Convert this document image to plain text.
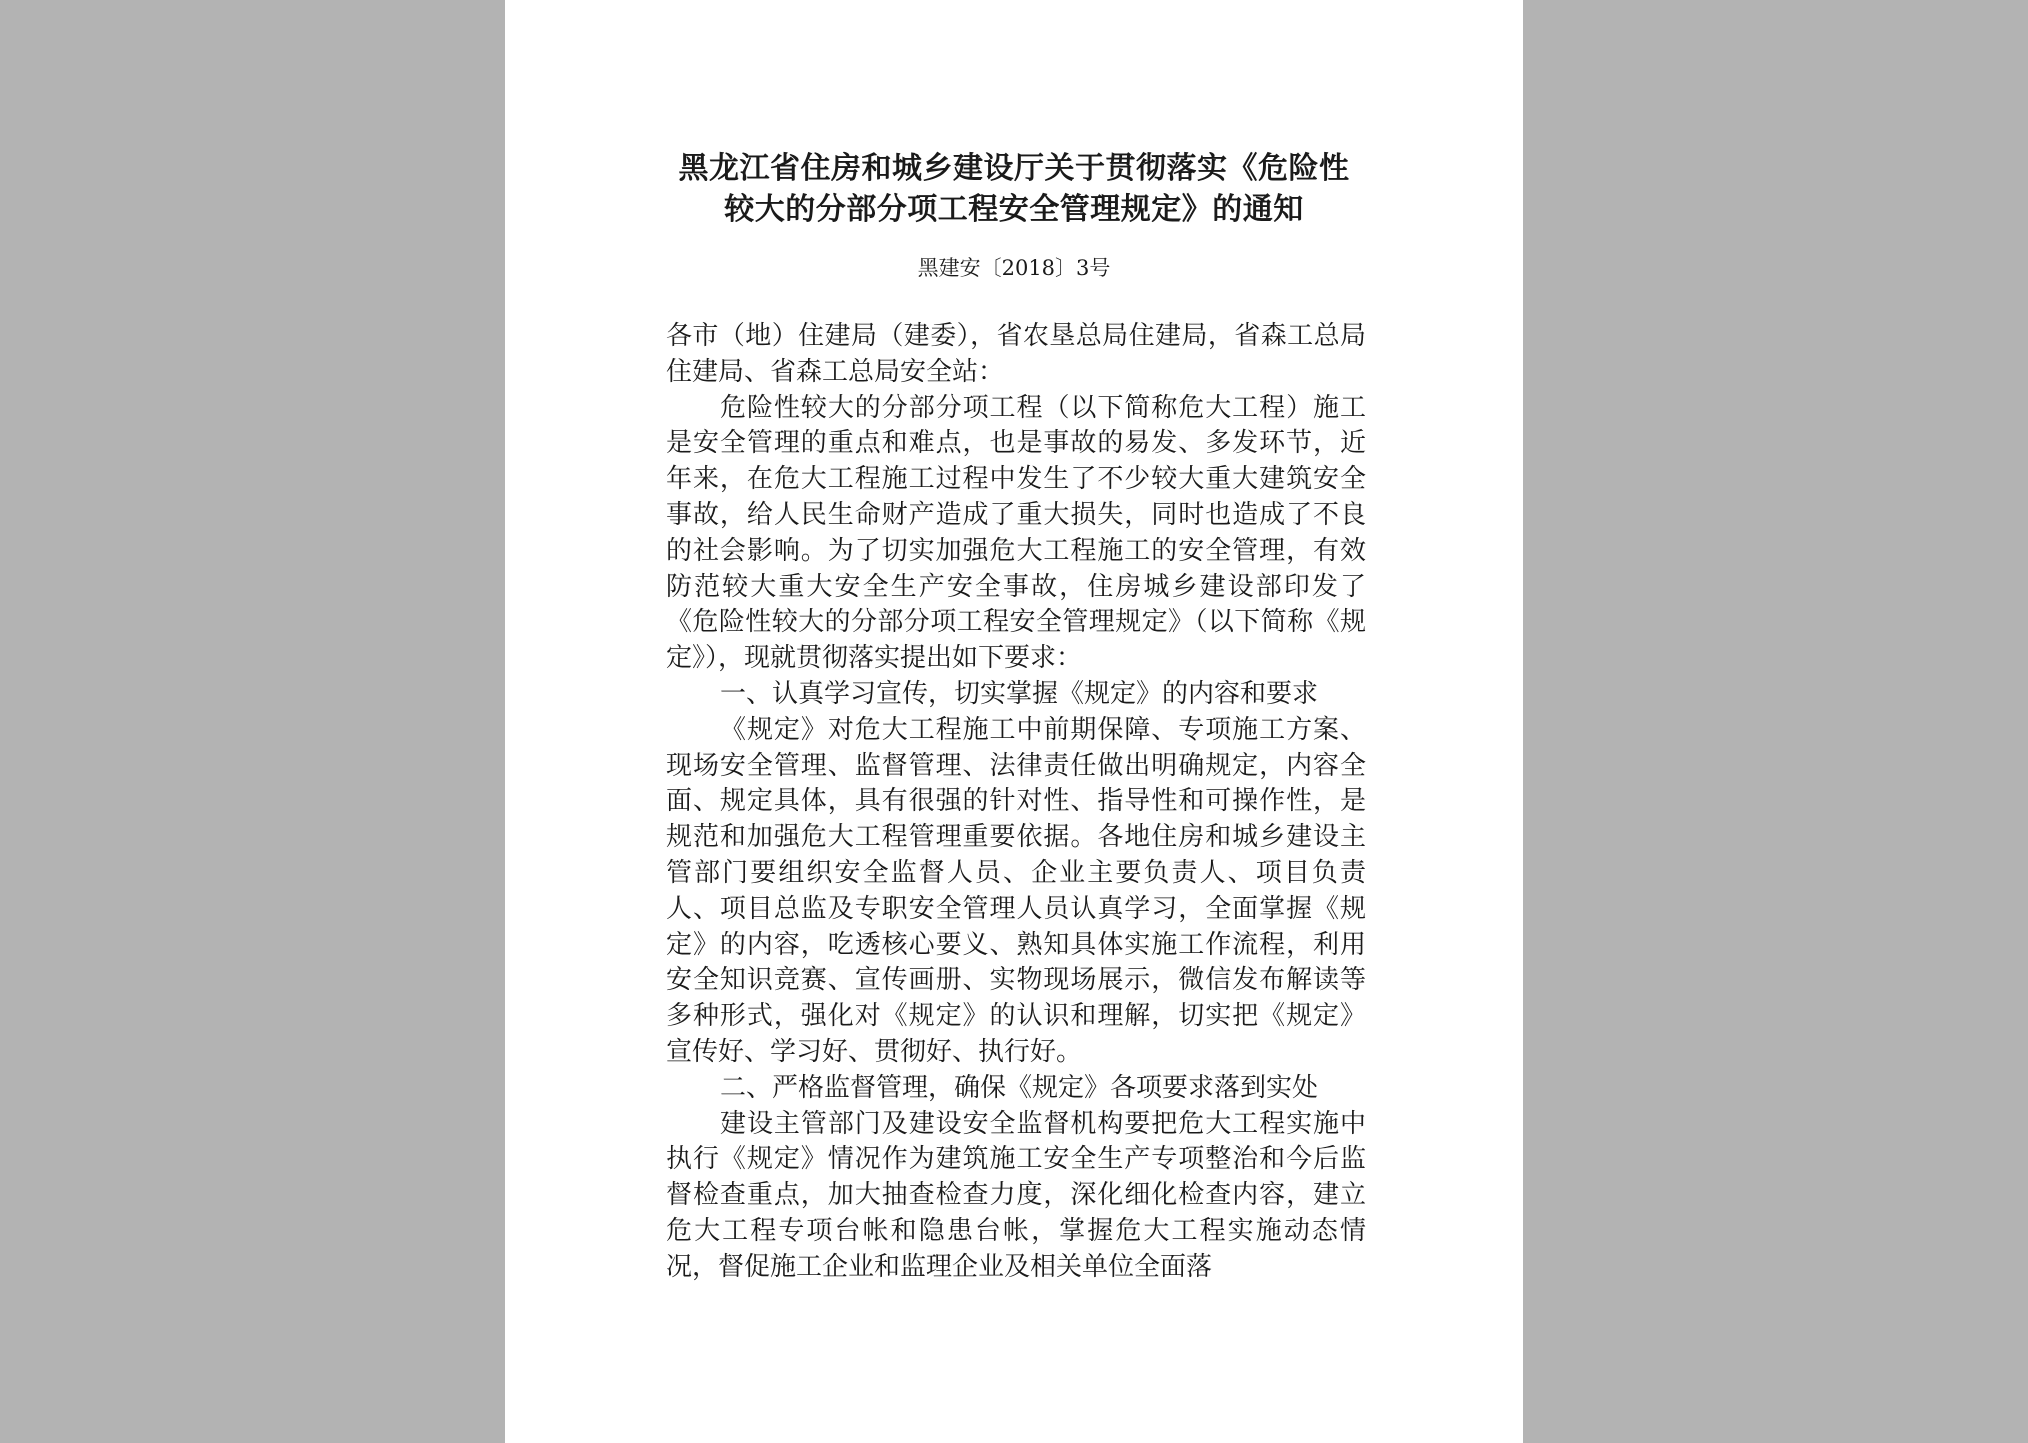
黑龙江省住房和城乡建设厅关于贯彻落实《危险性
较大的分部分项工程安全管理规定》的通知
黑建安〔2018〕3号

各市（地）住建局（建委），省农垦总局住建局，省森工总局住建局、省森工总局安全站：

危险性较大的分部分项工程（以下简称危大工程）施工是安全管理的重点和难点，也是事故的易发、多发环节，近年来，在危大工程施工过程中发生了不少较大重大建筑安全事故，给人民生命财产造成了重大损失，同时也造成了不良的社会影响。为了切实加强危大工程施工的安全管理，有效防范较大重大安全生产安全事故，住房城乡建设部印发了《危险性较大的分部分项工程安全管理规定》（以下简称《规定》），现就贯彻落实提出如下要求：

一、认真学习宣传，切实掌握《规定》的内容和要求

《规定》对危大工程施工中前期保障、专项施工方案、现场安全管理、监督管理、法律责任做出明确规定，内容全面、规定具体，具有很强的针对性、指导性和可操作性，是规范和加强危大工程管理重要依据。各地住房和城乡建设主管部门要组织安全监督人员、企业主要负责人、项目负责人、项目总监及专职安全管理人员认真学习，全面掌握《规定》的内容，吃透核心要义、熟知具体实施工作流程，利用安全知识竞赛、宣传画册、实物现场展示，微信发布解读等多种形式，强化对《规定》的认识和理解，切实把《规定》宣传好、学习好、贯彻好、执行好。

二、严格监督管理，确保《规定》各项要求落到实处

建设主管部门及建设安全监督机构要把危大工程实施中执行《规定》情况作为建筑施工安全生产专项整治和今后监督检查重点，加大抽查检查力度，深化细化检查内容，建立危大工程专项台帐和隐患台帐，掌握危大工程实施动态情况，督促施工企业和监理企业及相关单位全面落
